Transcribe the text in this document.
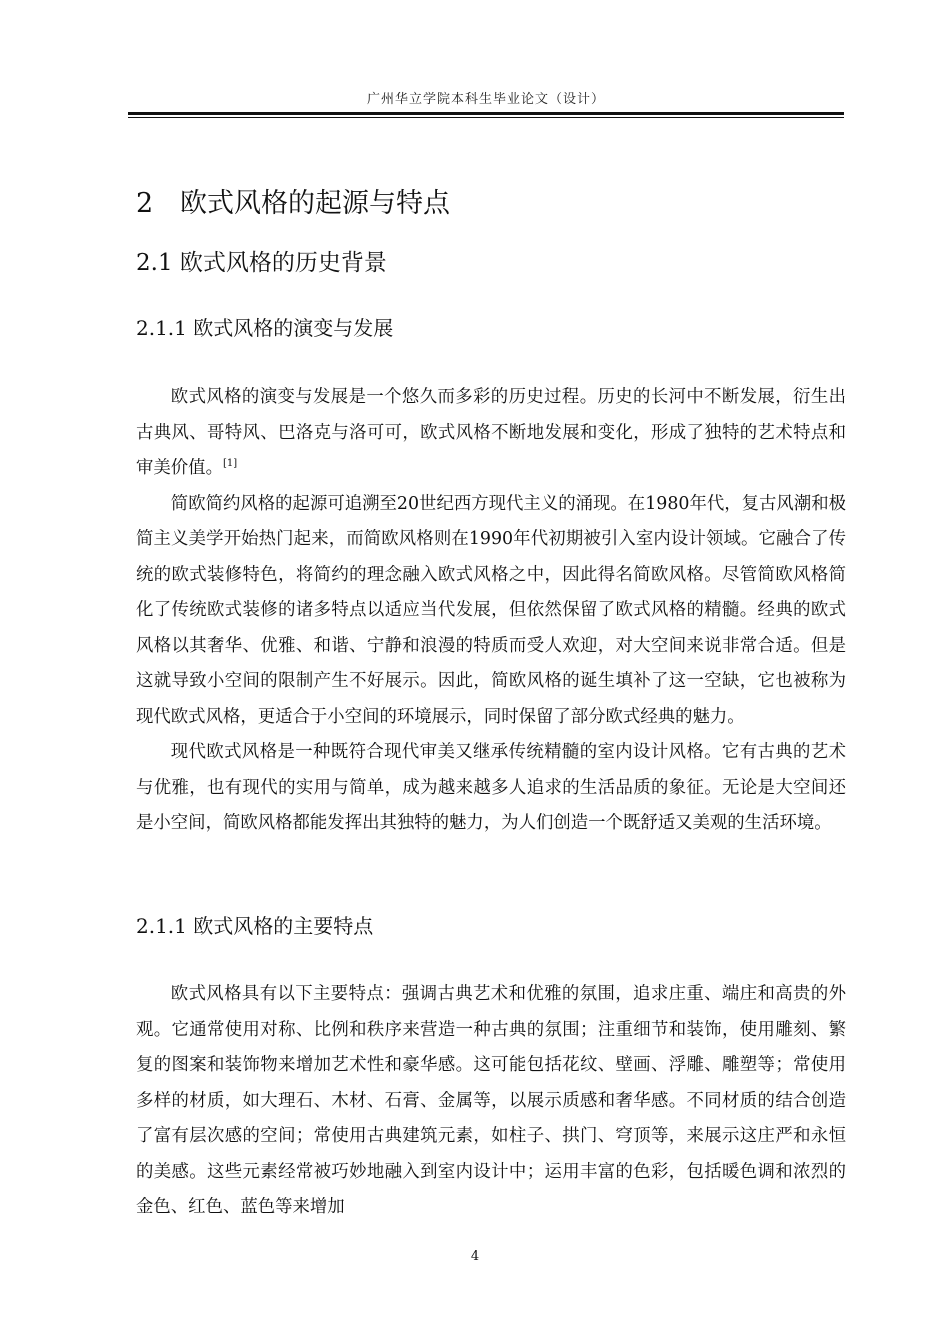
广州华立学院本科生毕业论文（设计）
2 欧式风格的起源与特点
2.1 欧式风格的历史背景
2.1.1 欧式风格的演变与发展

欧式风格的演变与发展是一个悠久而多彩的历史过程。历史的长河中不断发展，衍生出古典风、哥特风、巴洛克与洛可可，欧式风格不断地发展和变化，形成了独特的艺术特点和审美价值。[1]

简欧简约风格的起源可追溯至20世纪西方现代主义的涌现。在1980年代，复古风潮和极简主义美学开始热门起来，而简欧风格则在1990年代初期被引入室内设计领域。它融合了传统的欧式装修特色，将简约的理念融入欧式风格之中，因此得名简欧风格。尽管简欧风格简化了传统欧式装修的诸多特点以适应当代发展，但依然保留了欧式风格的精髓。经典的欧式风格以其奢华、优雅、和谐、宁静和浪漫的特质而受人欢迎，对大空间来说非常合适。但是这就导致小空间的限制产生不好展示。因此，简欧风格的诞生填补了这一空缺，它也被称为现代欧式风格，更适合于小空间的环境展示，同时保留了部分欧式经典的魅力。

现代欧式风格是一种既符合现代审美又继承传统精髓的室内设计风格。它有古典的艺术与优雅，也有现代的实用与简单，成为越来越多人追求的生活品质的象征。无论是大空间还是小空间，简欧风格都能发挥出其独特的魅力，为人们创造一个既舒适又美观的生活环境。

2.1.1 欧式风格的主要特点

欧式风格具有以下主要特点：强调古典艺术和优雅的氛围，追求庄重、端庄和高贵的外观。它通常使用对称、比例和秩序来营造一种古典的氛围；注重细节和装饰，使用雕刻、繁复的图案和装饰物来增加艺术性和豪华感。这可能包括花纹、壁画、浮雕、雕塑等；常使用多样的材质，如大理石、木材、石膏、金属等，以展示质感和奢华感。不同材质的结合创造了富有层次感的空间；常使用古典建筑元素，如柱子、拱门、穹顶等，来展示这庄严和永恒的美感。这些元素经常被巧妙地融入到室内设计中；运用丰富的色彩，包括暖色调和浓烈的金色、红色、蓝色等来增加

4
